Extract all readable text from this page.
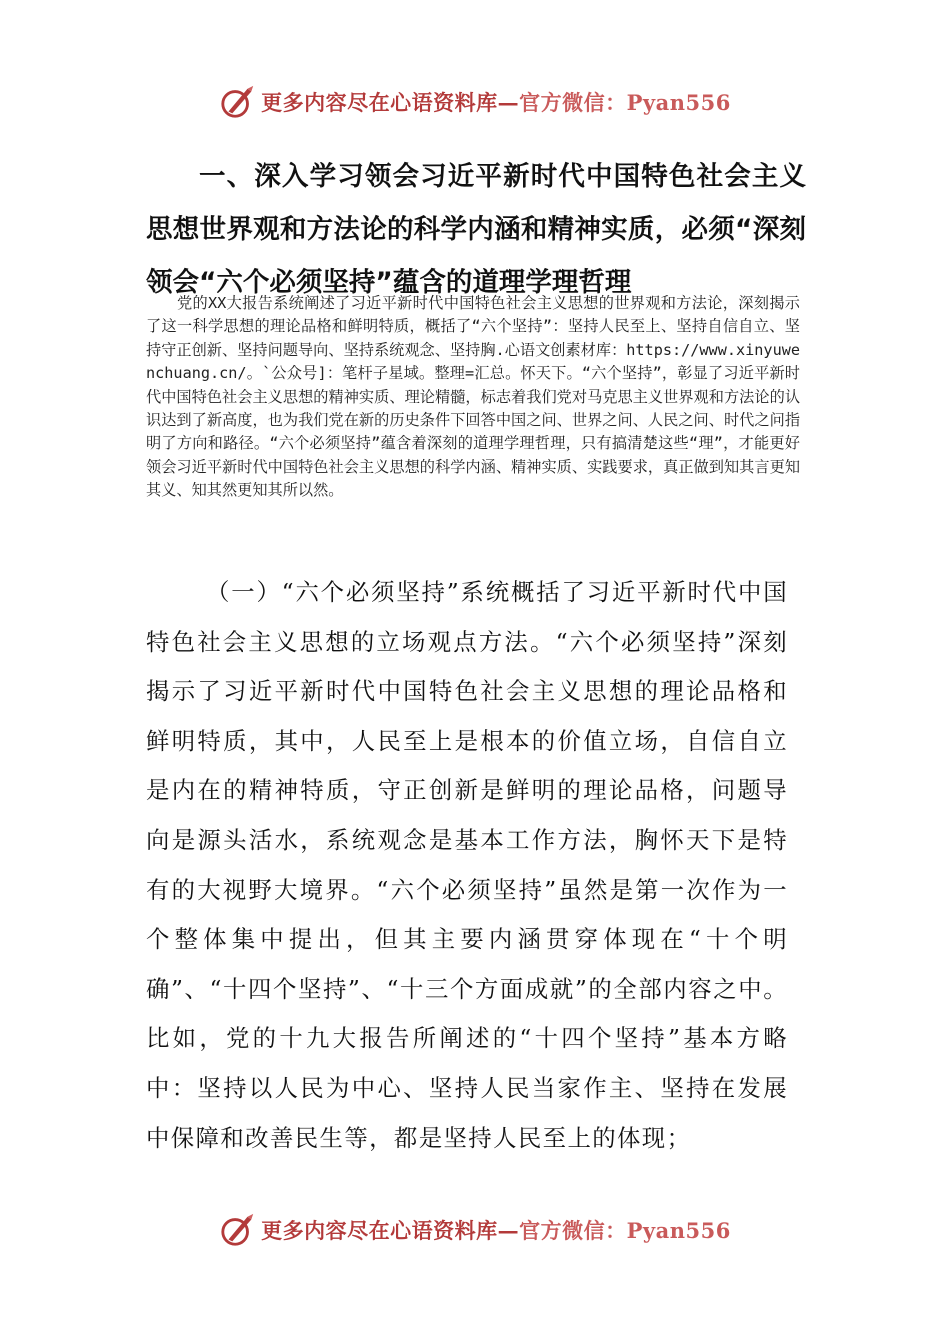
更多内容尽在心语资料库—官方微信：Pyan556

一、深入学习领会习近平新时代中国特色社会主义思想世界观和方法论的科学内涵和精神实质，必须“深刻领会“六个必须坚持”蕴含的道理学理哲理

党的XX大报告系统阐述了习近平新时代中国特色社会主义思想的世界观和方法论，深刻揭示了这一科学思想的理论品格和鲜明特质，概括了“六个坚持”：坚持人民至上、坚持自信自立、坚持守正创新、坚持问题导向、坚持系统观念、坚持胸.心语文创素材库：https://www.xinyuwenchuang.cn/。`公众号]：笔杆子星域。整理=汇总。怀天下。“六个坚持”，彰显了习近平新时代中国特色社会主义思想的精神实质、理论精髓，标志着我们党对马克思主义世界观和方法论的认识达到了新高度，也为我们党在新的历史条件下回答中国之问、世界之问、人民之问、时代之问指明了方向和路径。“六个必须坚持”蕴含着深刻的道理学理哲理，只有搞清楚这些“理”，才能更好领会习近平新时代中国特色社会主义思想的科学内涵、精神实质、实践要求，真正做到知其言更知其义、知其然更知其所以然。

（一）“六个必须坚持”系统概括了习近平新时代中国特色社会主义思想的立场观点方法。“六个必须坚持”深刻揭示了习近平新时代中国特色社会主义思想的理论品格和鲜明特质，其中，人民至上是根本的价值立场，自信自立是内在的精神特质，守正创新是鲜明的理论品格，问题导向是源头活水，系统观念是基本工作方法，胸怀天下是特有的大视野大境界。“六个必须坚持”虽然是第一次作为一个整体集中提出，但其主要内涵贯穿体现在“十个明确”、“十四个坚持”、“十三个方面成就”的全部内容之中。比如，党的十九大报告所阐述的“十四个坚持”基本方略中：坚持以人民为中心、坚持人民当家作主、坚持在发展中保障和改善民生等，都是坚持人民至上的体现；

更多内容尽在心语资料库—官方微信：Pyan556
